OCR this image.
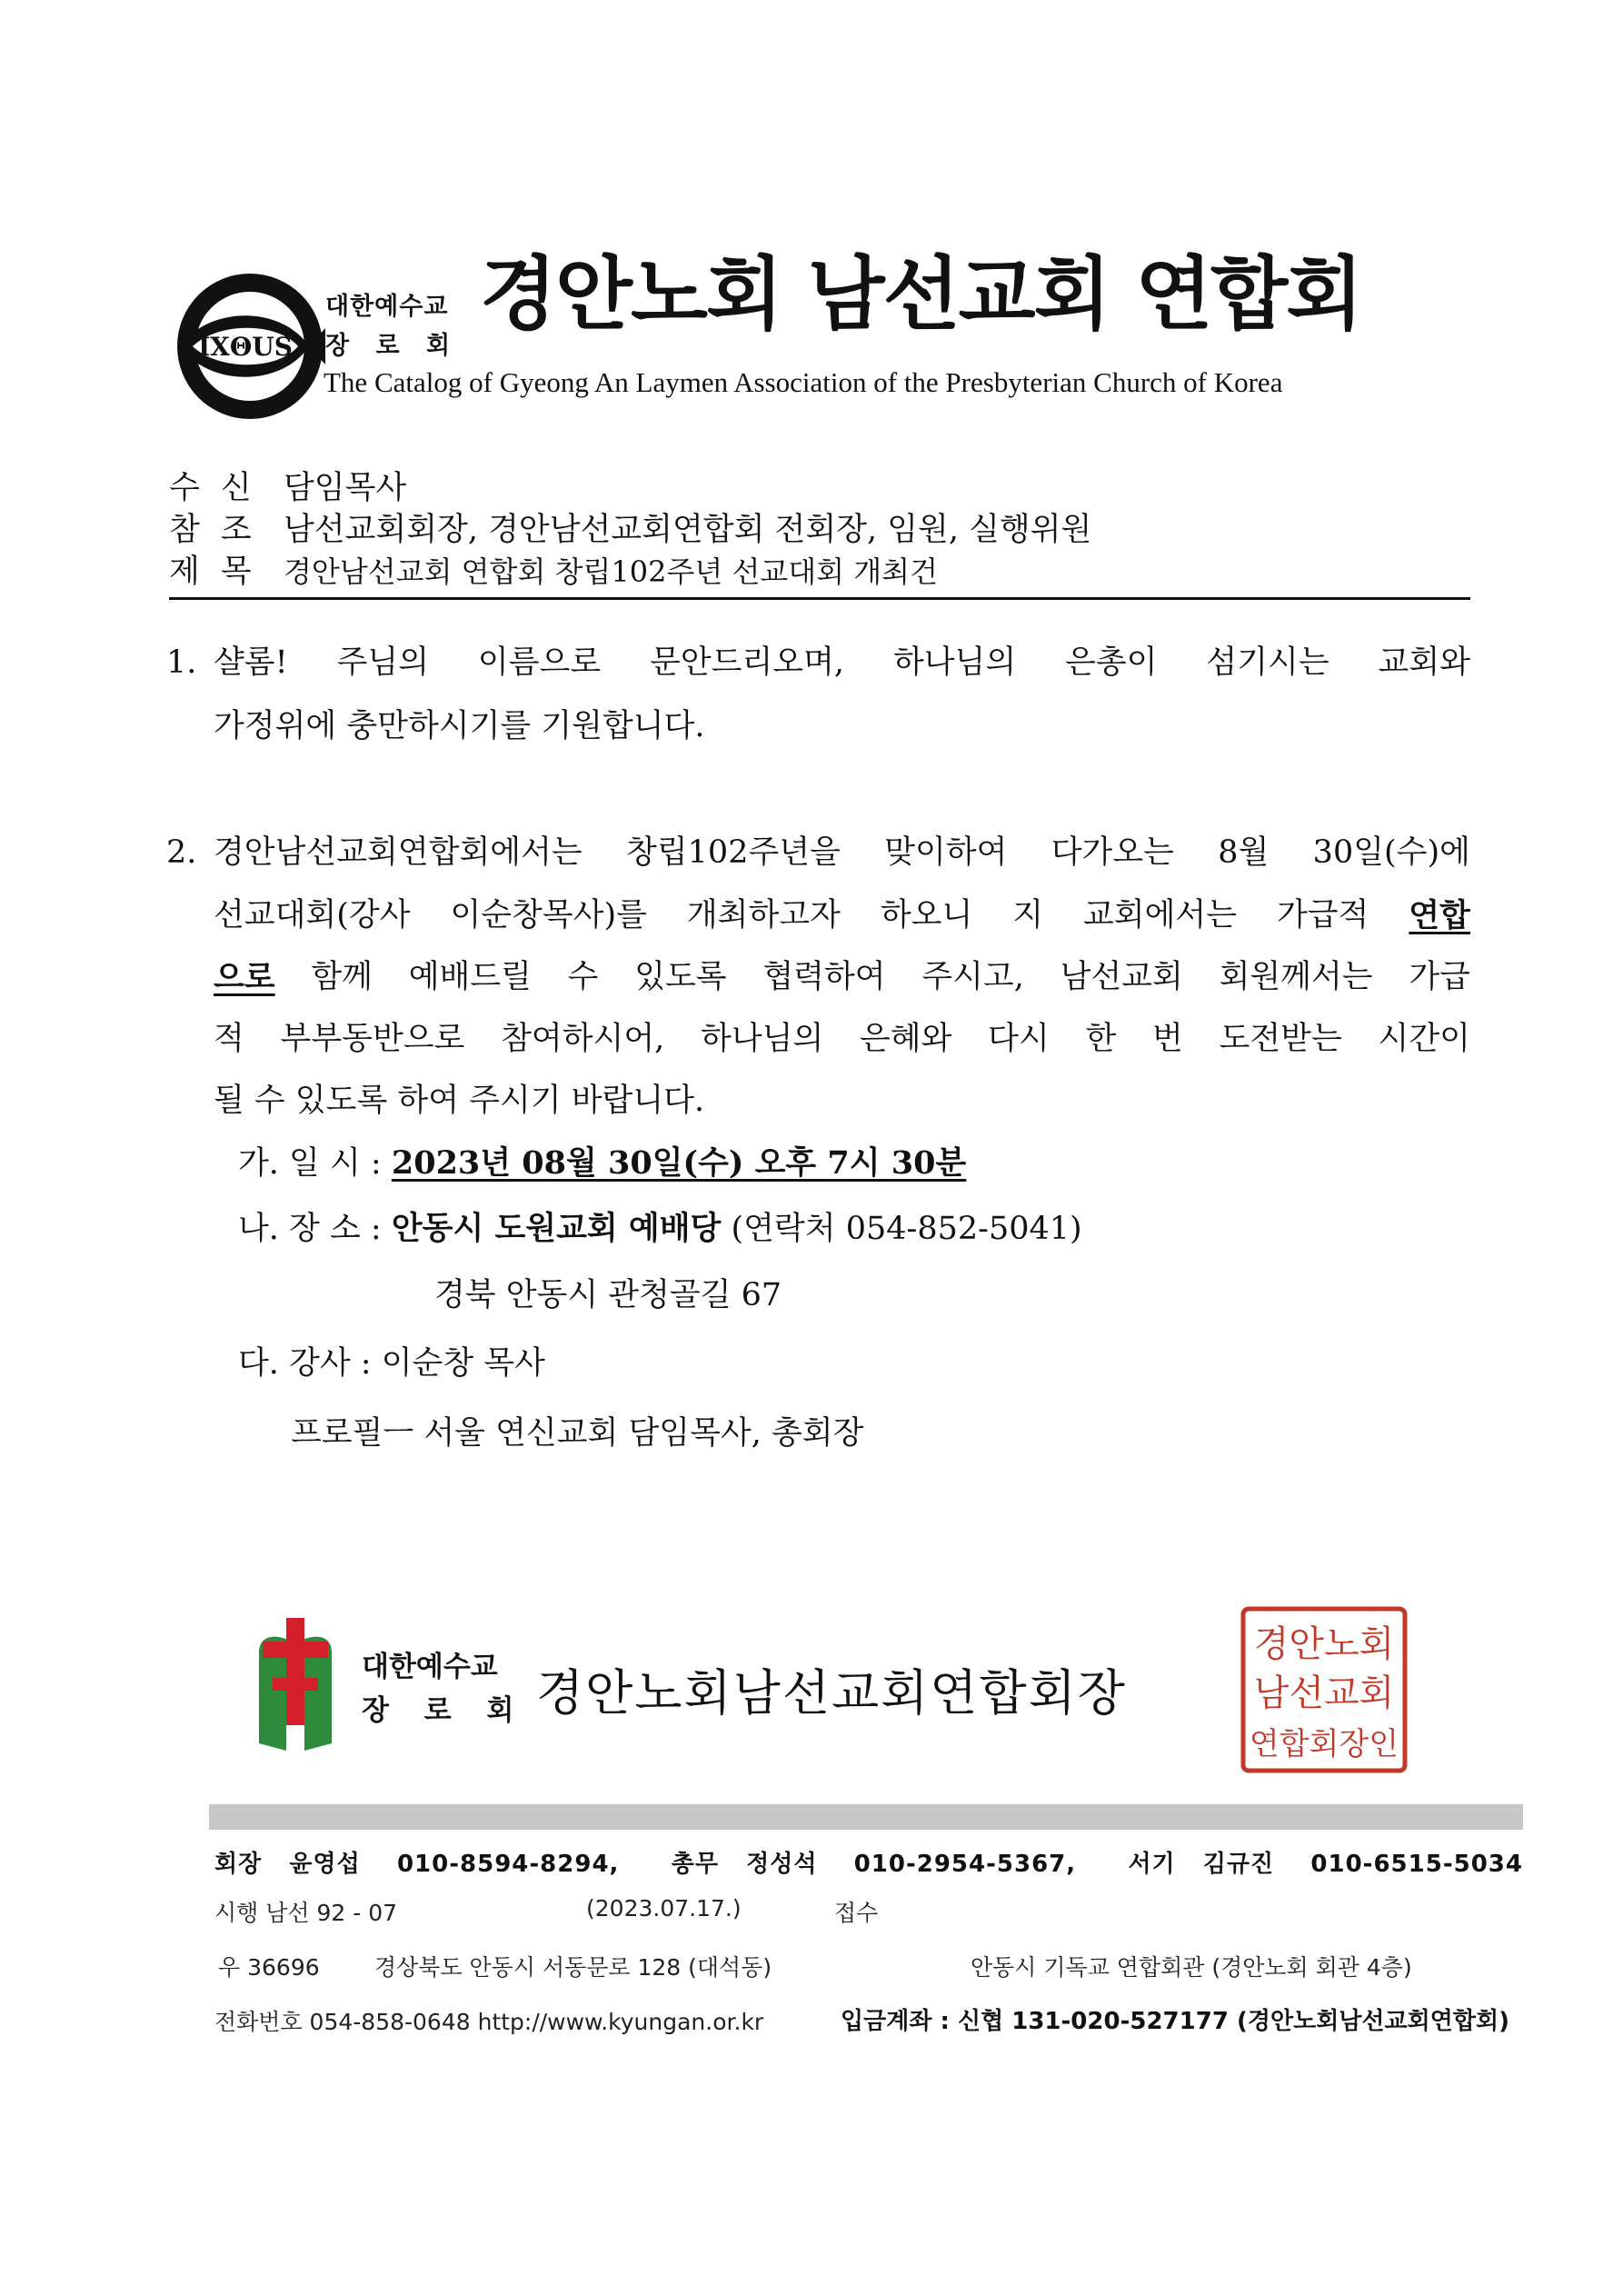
IXΘUS
대한예수교
장 로 회
경안노회 남선교회 연합회
The Catalog of Gyeong An Laymen Association of the Presbyterian Church of Korea
수 신 담임목사
참 조 남선교회회장, 경안남선교회연합회 전회장, 임원, 실행위원
제 목 경안남선교회 연합회 창립102주년 선교대회 개최건
1. 샬롬! 주님의 이름으로 문안드리오며, 하나님의 은총이 섬기시는 교회와
가정위에 충만하시기를 기원합니다.
2. 경안남선교회연합회에서는 창립102주년을 맞이하여 다가오는 8월 30일(수)에
선교대회(강사 이순창목사)를 개최하고자 하오니 지 교회에서는 가급적 연합
으로 함께 예배드릴 수 있도록 협력하여 주시고, 남선교회 회원께서는 가급
적 부부동반으로 참여하시어, 하나님의 은혜와 다시 한 번 도전받는 시간이
될 수 있도록 하여 주시기 바랍니다.
가. 일 시 : 2023년 08월 30일(수) 오후 7시 30분
나. 장 소 : 안동시 도원교회 예배당 (연락처 054-852-5041)
경북 안동시 관청골길 67
다. 강사 : 이순창 목사
프로필ㅡ 서울 연신교회 담임목사, 총회장
대한예수교
장 로 회 경안노회남선교회연합회장
경안노회
남선교회
연합회장인
회장 윤영섭 010-8594-8294, 총무 정성석 010-2954-5367, 서기 김규진 010-6515-5034
시행 남선 92 - 07	(2023.07.17.)	접수
우 36696 경상북도 안동시 서동문로 128 (대석동)	안동시 기독교 연합회관 (경안노회 회관 4층)
전화번호 054-858-0648 http://www.kyungan.or.kr	입금계좌 : 신협 131-020-527177 (경안노회남선교회연합회)
